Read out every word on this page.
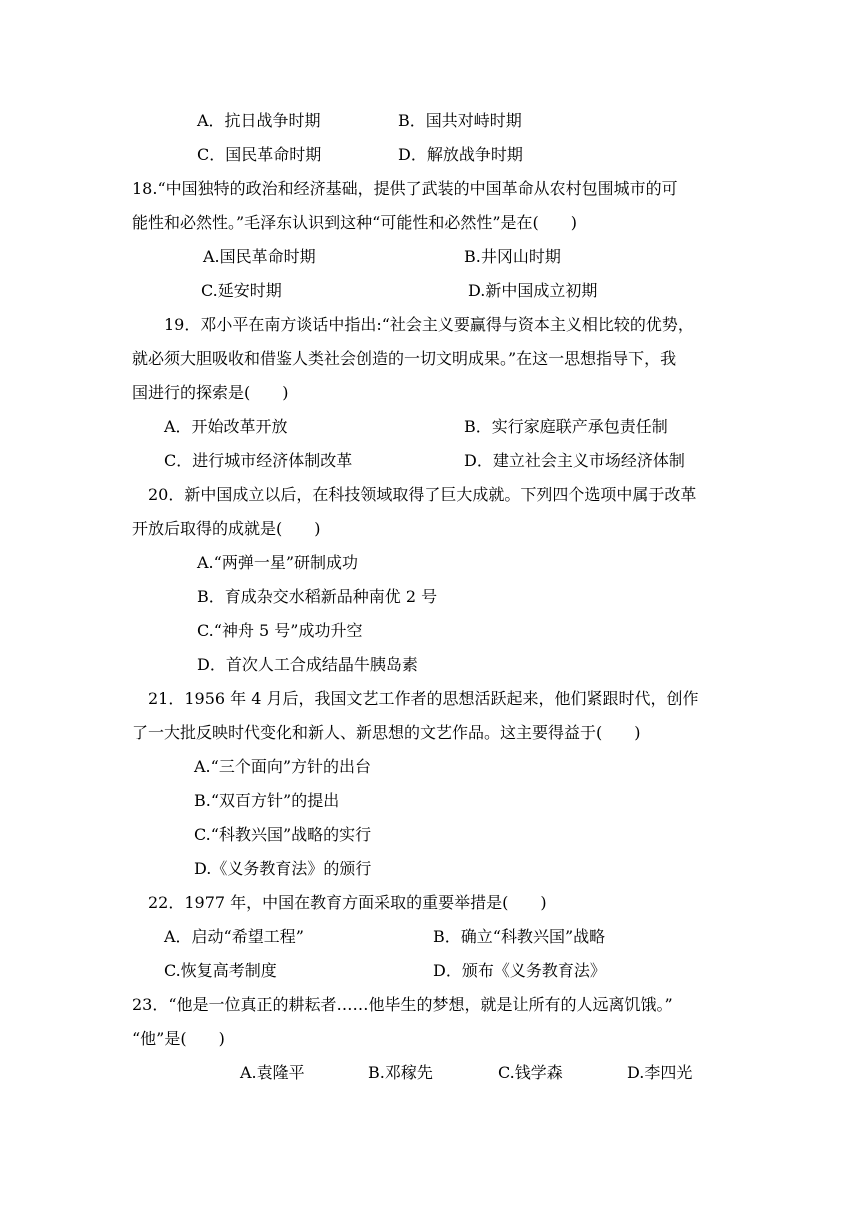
A．抗日战争时期	B．国共对峙时期
C．国民革命时期	D．解放战争时期
18.“中国独特的政治和经济基础，提供了武装的中国革命从农村包围城市的可
能性和必然性。”毛泽东认识到这种“可能性和必然性”是在(　　)
A.国民革命时期	B.井冈山时期
C.延安时期	D.新中国成立初期
19．邓小平在南方谈话中指出:“社会主义要赢得与资本主义相比较的优势，
就必须大胆吸收和借鉴人类社会创造的一切文明成果。”在这一思想指导下，我
国进行的探索是(　　)
A．开始改革开放	B．实行家庭联产承包责任制
C．进行城市经济体制改革	D．建立社会主义市场经济体制
20．新中国成立以后，在科技领域取得了巨大成就。下列四个选项中属于改革
开放后取得的成就是(　　)
A.“两弹一星”研制成功
B．育成杂交水稻新品种南优 2 号
C.“神舟 5 号”成功升空
D．首次人工合成结晶牛胰岛素
21．1956 年 4 月后，我国文艺工作者的思想活跃起来，他们紧跟时代，创作
了一大批反映时代变化和新人、新思想的文艺作品。这主要得益于(　　)
A.“三个面向”方针的出台
B.“双百方针”的提出
C.“科教兴国”战略的实行
D.《义务教育法》的颁行
22．1977 年，中国在教育方面采取的重要举措是(　　)
A．启动“希望工程”	B．确立“科教兴国”战略
C.恢复高考制度	D．颁布《义务教育法》
23．“他是一位真正的耕耘者……他毕生的梦想，就是让所有的人远离饥饿。”
“他”是(　　)
A.袁隆平	B.邓稼先	C.钱学森	D.李四光
